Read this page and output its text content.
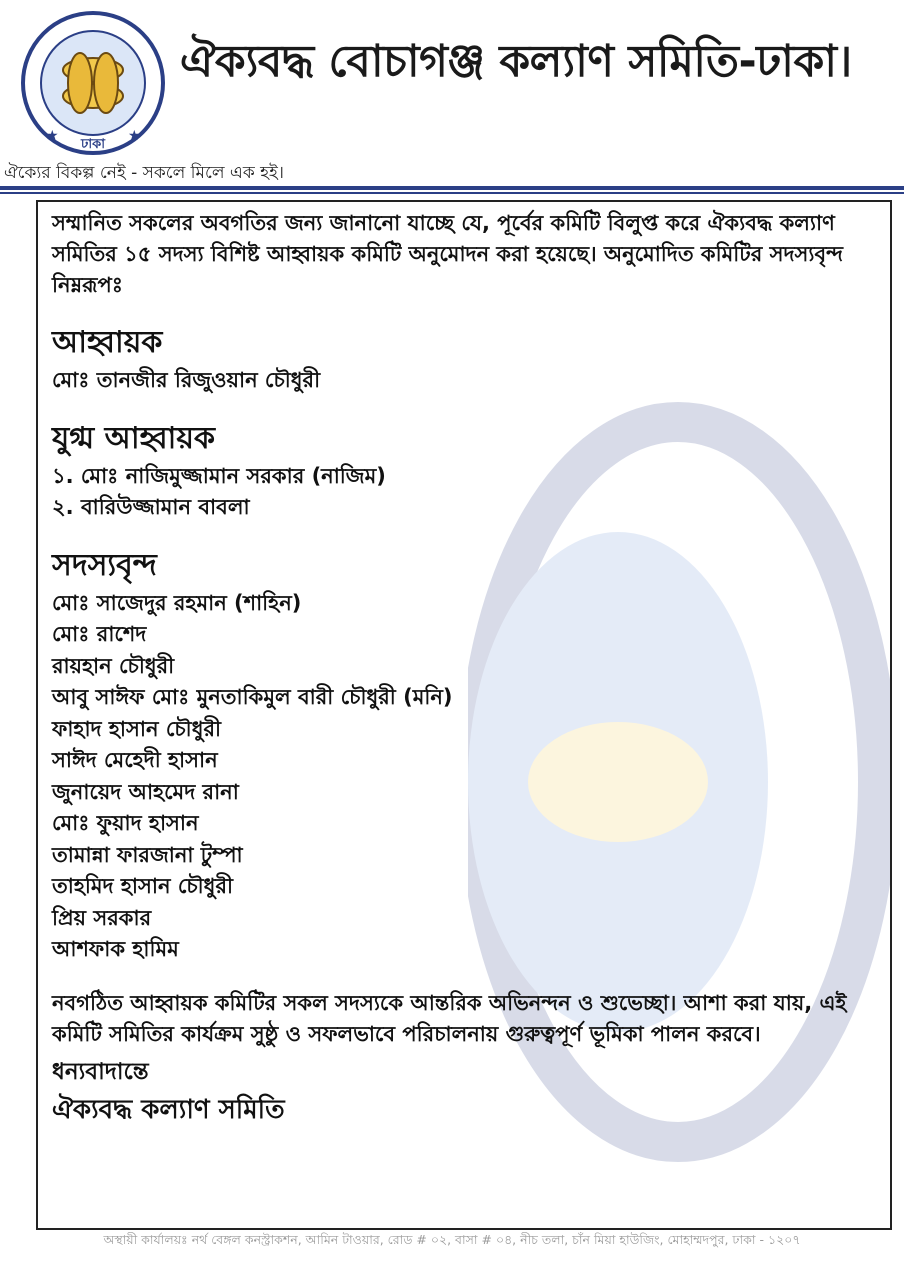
ঢাকা
★	★
ঐক্যবদ্ধ বোচাগঞ্জ কল্যাণ সমিতি-ঢাকা।
ঐক্যের বিকল্প নেই - সকলে মিলে এক হই।

সম্মানিত সকলের অবগতির জন্য জানানো যাচ্ছে যে, পূর্বের কমিটি বিলুপ্ত করে ঐক্যবদ্ধ কল্যাণ সমিতির ১৫ সদস্য বিশিষ্ট আহ্বায়ক কমিটি অনুমোদন করা হয়েছে। অনুমোদিত কমিটির সদস্যবৃন্দ নিম্নরূপঃ

আহ্বায়ক
মোঃ তানজীর রিজুওয়ান চৌধুরী
যুগ্ম আহ্বায়ক
১. মোঃ নাজিমুজ্জামান সরকার (নাজিম)
২. বারিউজ্জামান বাবলা
সদস্যবৃন্দ
মোঃ সাজেদুর রহমান (শাহিন)
মোঃ রাশেদ
রায়হান চৌধুরী
আবু সাঈফ মোঃ মুনতাকিমুল বারী চৌধুরী (মনি)
ফাহাদ হাসান চৌধুরী
সাঈদ মেহেদী হাসান
জুনায়েদ আহমেদ রানা
মোঃ ফুয়াদ হাসান
তামান্না ফারজানা টুম্পা
তাহমিদ হাসান চৌধুরী
প্রিয় সরকার
আশফাক হামিম

নবগঠিত আহ্বায়ক কমিটির সকল সদস্যকে আন্তরিক অভিনন্দন ও শুভেচ্ছা। আশা করা যায়, এই কমিটি সমিতির কার্যক্রম সুষ্ঠু ও সফলভাবে পরিচালনায় গুরুত্বপূর্ণ ভূমিকা পালন করবে।

ধন্যবাদান্তে

ঐক্যবদ্ধ কল্যাণ সমিতি

অস্থায়ী কার্যালয়ঃ নর্থ বেঙ্গল কনস্ট্রাকশন, আমিন টাওয়ার, রোড # ০২, বাসা # ০৪, নীচ তলা, চাঁন মিয়া হাউজিং, মোহাম্মদপুর, ঢাকা - ১২০৭
